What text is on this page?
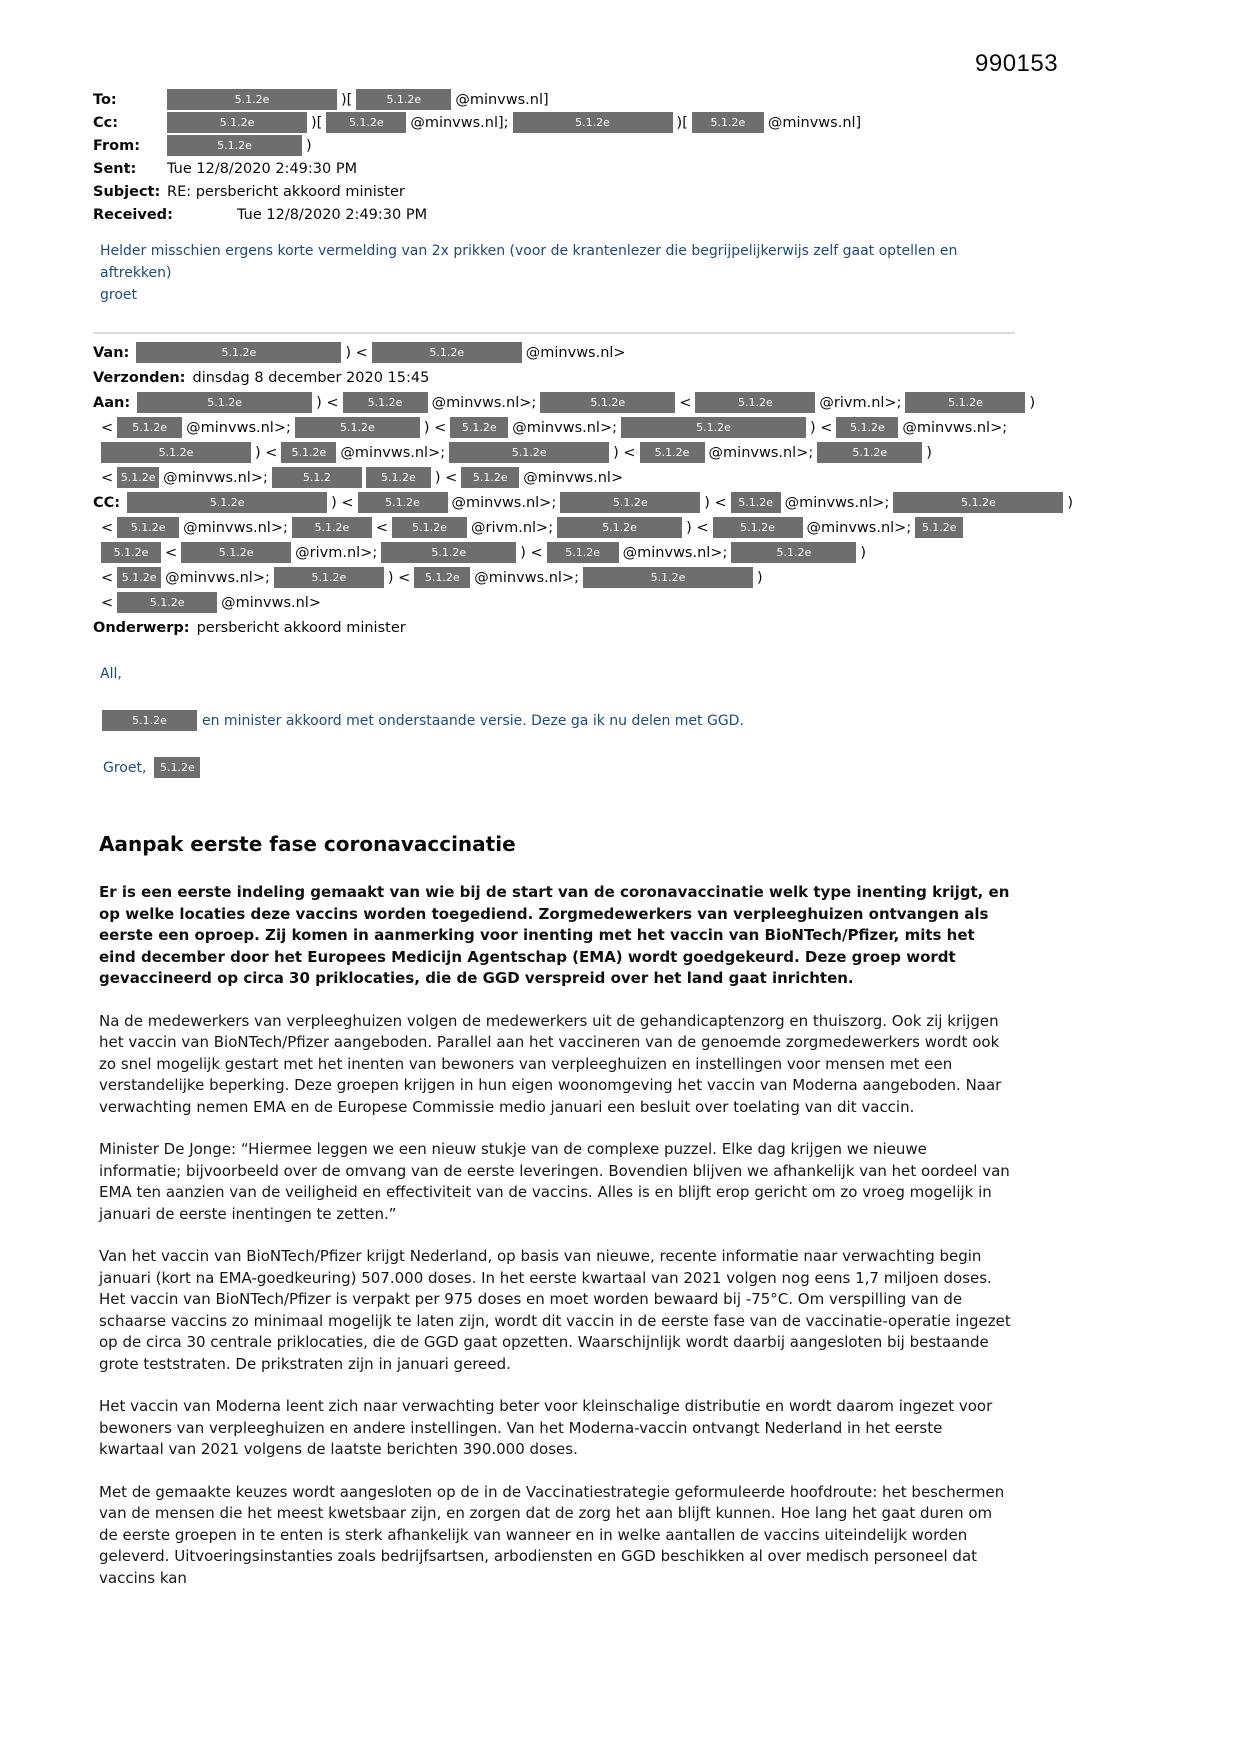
990153
To:	5.1.2e	)[	5.1.2e @minvws.nl]
Cc:	5.1.2e	)[ 5.1.2e @minvws.nl];	5.1.2e	)[ 5.1.2e @minvws.nl]
From:	5.1.2e	)
Sent: Tue 12/8/2020 2:49:30 PM
Subject: RE: persbericht akkoord minister
Received:	Tue 12/8/2020 2:49:30 PM
Helder misschien ergens korte vermelding van 2x prikken (voor de krantenlezer die begrijpelijkerwijs zelf gaat optellen en aftrekken)
groet
Van:	5.1.2e	) <	5.1.2e	@minvws.nl>
Verzonden: dinsdag 8 december 2020 15:45
Aan:	5.1.2e	) <	5.1.2e @minvws.nl>;	5.1.2e	<	5.1.2e	@rivm.nl>;	5.1.2e	)
< 5.1.2e @minvws.nl>;	5.1.2e	) < 5.1.2e @minvws.nl>;	5.1.2e	) < 5.1.2e @minvws.nl>;
5.1.2e	) < 5.1.2e @minvws.nl>;	5.1.2e	) < 5.1.2e @minvws.nl>;	5.1.2e	)
< 5.1.2e @minvws.nl>;	5.1.2	5.1.2e ) < 5.1.2e @minvws.nl>
CC:	5.1.2e	) <	5.1.2e @minvws.nl>;	5.1.2e	) < 5.1.2e @minvws.nl>;	5.1.2e	)
< 5.1.2e @minvws.nl>; 5.1.2e < 5.1.2e @rivm.nl>;	5.1.2e	) <	5.1.2e @minvws.nl>; 5.1.2e
5.1.2e <	5.1.2e	@rivm.nl>;	5.1.2e	) < 5.1.2e @minvws.nl>;	5.1.2e	)
< 5.1.2e @minvws.nl>;	5.1.2e	) < 5.1.2e @minvws.nl>;	5.1.2e	)
<	5.1.2e	@minvws.nl>
Onderwerp: persbericht akkoord minister
All,
5.1.2e	en minister akkoord met onderstaande versie. Deze ga ik nu delen met GGD.
Groet, 5.1.2e
Aanpak eerste fase coronavaccinatie
Er is een eerste indeling gemaakt van wie bij de start van de coronavaccinatie welk type inenting krijgt, en op welke locaties deze vaccins worden toegediend. Zorgmedewerkers van verpleeghuizen ontvangen als eerste een oproep. Zij komen in aanmerking voor inenting met het vaccin van BioNTech/Pfizer, mits het eind december door het Europees Medicijn Agentschap (EMA) wordt goedgekeurd. Deze groep wordt gevaccineerd op circa 30 priklocaties, die de GGD verspreid over het land gaat inrichten.
Na de medewerkers van verpleeghuizen volgen de medewerkers uit de gehandicaptenzorg en thuiszorg. Ook zij krijgen het vaccin van BioNTech/Pfizer aangeboden. Parallel aan het vaccineren van de genoemde zorgmedewerkers wordt ook zo snel mogelijk gestart met het inenten van bewoners van verpleeghuizen en instellingen voor mensen met een verstandelijke beperking. Deze groepen krijgen in hun eigen woonomgeving het vaccin van Moderna aangeboden. Naar verwachting nemen EMA en de Europese Commissie medio januari een besluit over toelating van dit vaccin.
Minister De Jonge: “Hiermee leggen we een nieuw stukje van de complexe puzzel. Elke dag krijgen we nieuwe informatie; bijvoorbeeld over de omvang van de eerste leveringen. Bovendien blijven we afhankelijk van het oordeel van EMA ten aanzien van de veiligheid en effectiviteit van de vaccins. Alles is en blijft erop gericht om zo vroeg mogelijk in januari de eerste inentingen te zetten.”
Van het vaccin van BioNTech/Pfizer krijgt Nederland, op basis van nieuwe, recente informatie naar verwachting begin januari (kort na EMA-goedkeuring) 507.000 doses. In het eerste kwartaal van 2021 volgen nog eens 1,7 miljoen doses. Het vaccin van BioNTech/Pfizer is verpakt per 975 doses en moet worden bewaard bij -75°C. Om verspilling van de schaarse vaccins zo minimaal mogelijk te laten zijn, wordt dit vaccin in de eerste fase van de vaccinatie-operatie ingezet op de circa 30 centrale priklocaties, die de GGD gaat opzetten. Waarschijnlijk wordt daarbij aangesloten bij bestaande grote teststraten. De prikstraten zijn in januari gereed.
Het vaccin van Moderna leent zich naar verwachting beter voor kleinschalige distributie en wordt daarom ingezet voor bewoners van verpleeghuizen en andere instellingen. Van het Moderna-vaccin ontvangt Nederland in het eerste kwartaal van 2021 volgens de laatste berichten 390.000 doses.
Met de gemaakte keuzes wordt aangesloten op de in de Vaccinatiestrategie geformuleerde hoofdroute: het beschermen van de mensen die het meest kwetsbaar zijn, en zorgen dat de zorg het aan blijft kunnen. Hoe lang het gaat duren om de eerste groepen in te enten is sterk afhankelijk van wanneer en in welke aantallen de vaccins uiteindelijk worden geleverd. Uitvoeringsinstanties zoals bedrijfsartsen, arbodiensten en GGD beschikken al over medisch personeel dat vaccins kan
